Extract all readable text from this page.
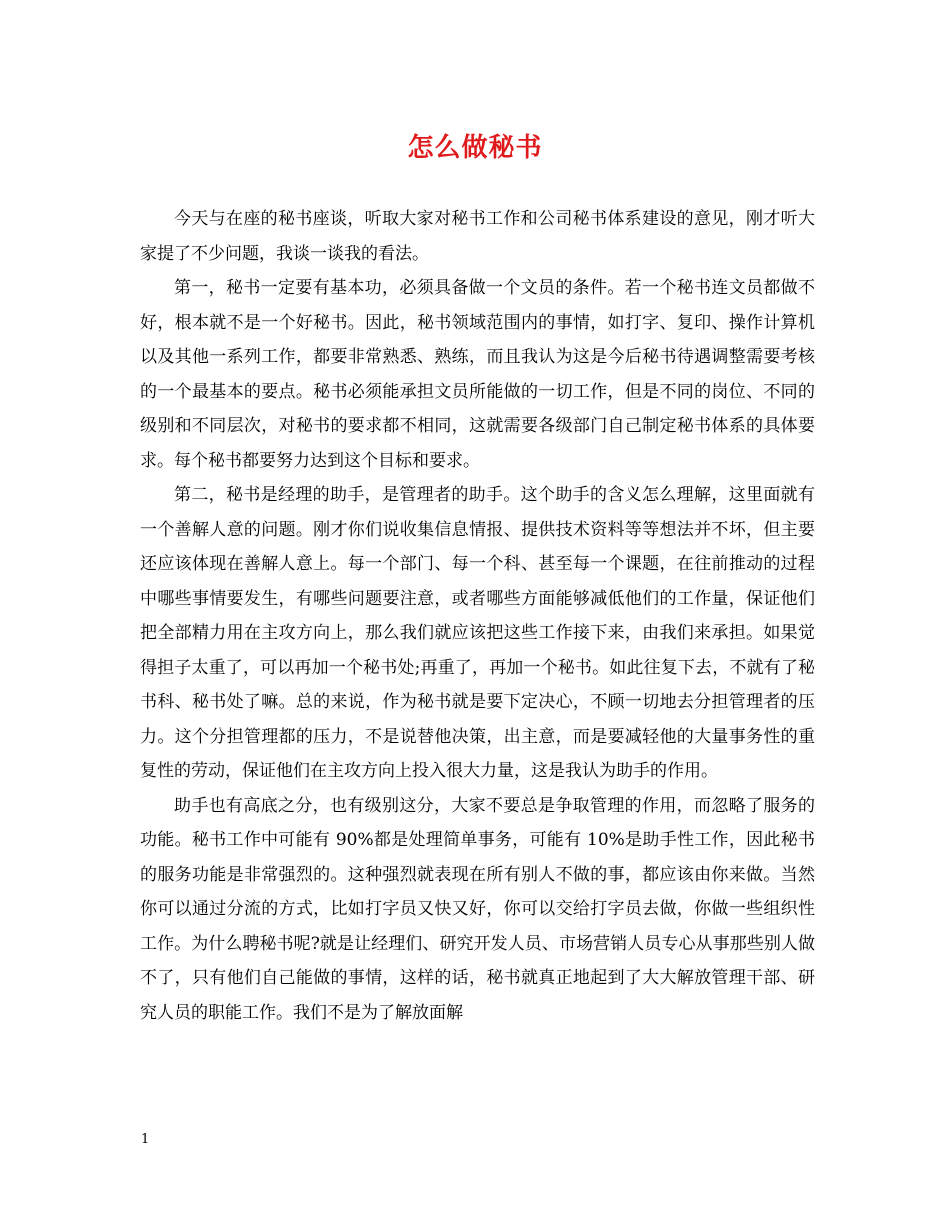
怎么做秘书

今天与在座的秘书座谈，听取大家对秘书工作和公司秘书体系建设的意见，刚才听大家提了不少问题，我谈一谈我的看法。

第一，秘书一定要有基本功，必须具备做一个文员的条件。若一个秘书连文员都做不好，根本就不是一个好秘书。因此，秘书领域范围内的事情，如打字、复印、操作计算机以及其他一系列工作，都要非常熟悉、熟练，而且我认为这是今后秘书待遇调整需要考核的一个最基本的要点。秘书必须能承担文员所能做的一切工作，但是不同的岗位、不同的级别和不同层次，对秘书的要求都不相同，这就需要各级部门自己制定秘书体系的具体要求。每个秘书都要努力达到这个目标和要求。

第二，秘书是经理的助手，是管理者的助手。这个助手的含义怎么理解，这里面就有一个善解人意的问题。刚才你们说收集信息情报、提供技术资料等等想法并不坏，但主要还应该体现在善解人意上。每一个部门、每一个科、甚至每一个课题，在往前推动的过程中哪些事情要发生，有哪些问题要注意，或者哪些方面能够减低他们的工作量，保证他们把全部精力用在主攻方向上，那么我们就应该把这些工作接下来，由我们来承担。如果觉得担子太重了，可以再加一个秘书处;再重了，再加一个秘书。如此往复下去，不就有了秘书科、秘书处了嘛。总的来说，作为秘书就是要下定决心，不顾一切地去分担管理者的压力。这个分担管理都的压力，不是说替他决策，出主意，而是要减轻他的大量事务性的重复性的劳动，保证他们在主攻方向上投入很大力量，这是我认为助手的作用。

助手也有高底之分，也有级别这分，大家不要总是争取管理的作用，而忽略了服务的功能。秘书工作中可能有 90%都是处理简单事务，可能有 10%是助手性工作，因此秘书的服务功能是非常强烈的。这种强烈就表现在所有别人不做的事，都应该由你来做。当然你可以通过分流的方式，比如打字员又快又好，你可以交给打字员去做，你做一些组织性工作。为什么聘秘书呢?就是让经理们、研究开发人员、市场营销人员专心从事那些别人做不了，只有他们自己能做的事情，这样的话，秘书就真正地起到了大大解放管理干部、研究人员的职能工作。我们不是为了解放面解

1
